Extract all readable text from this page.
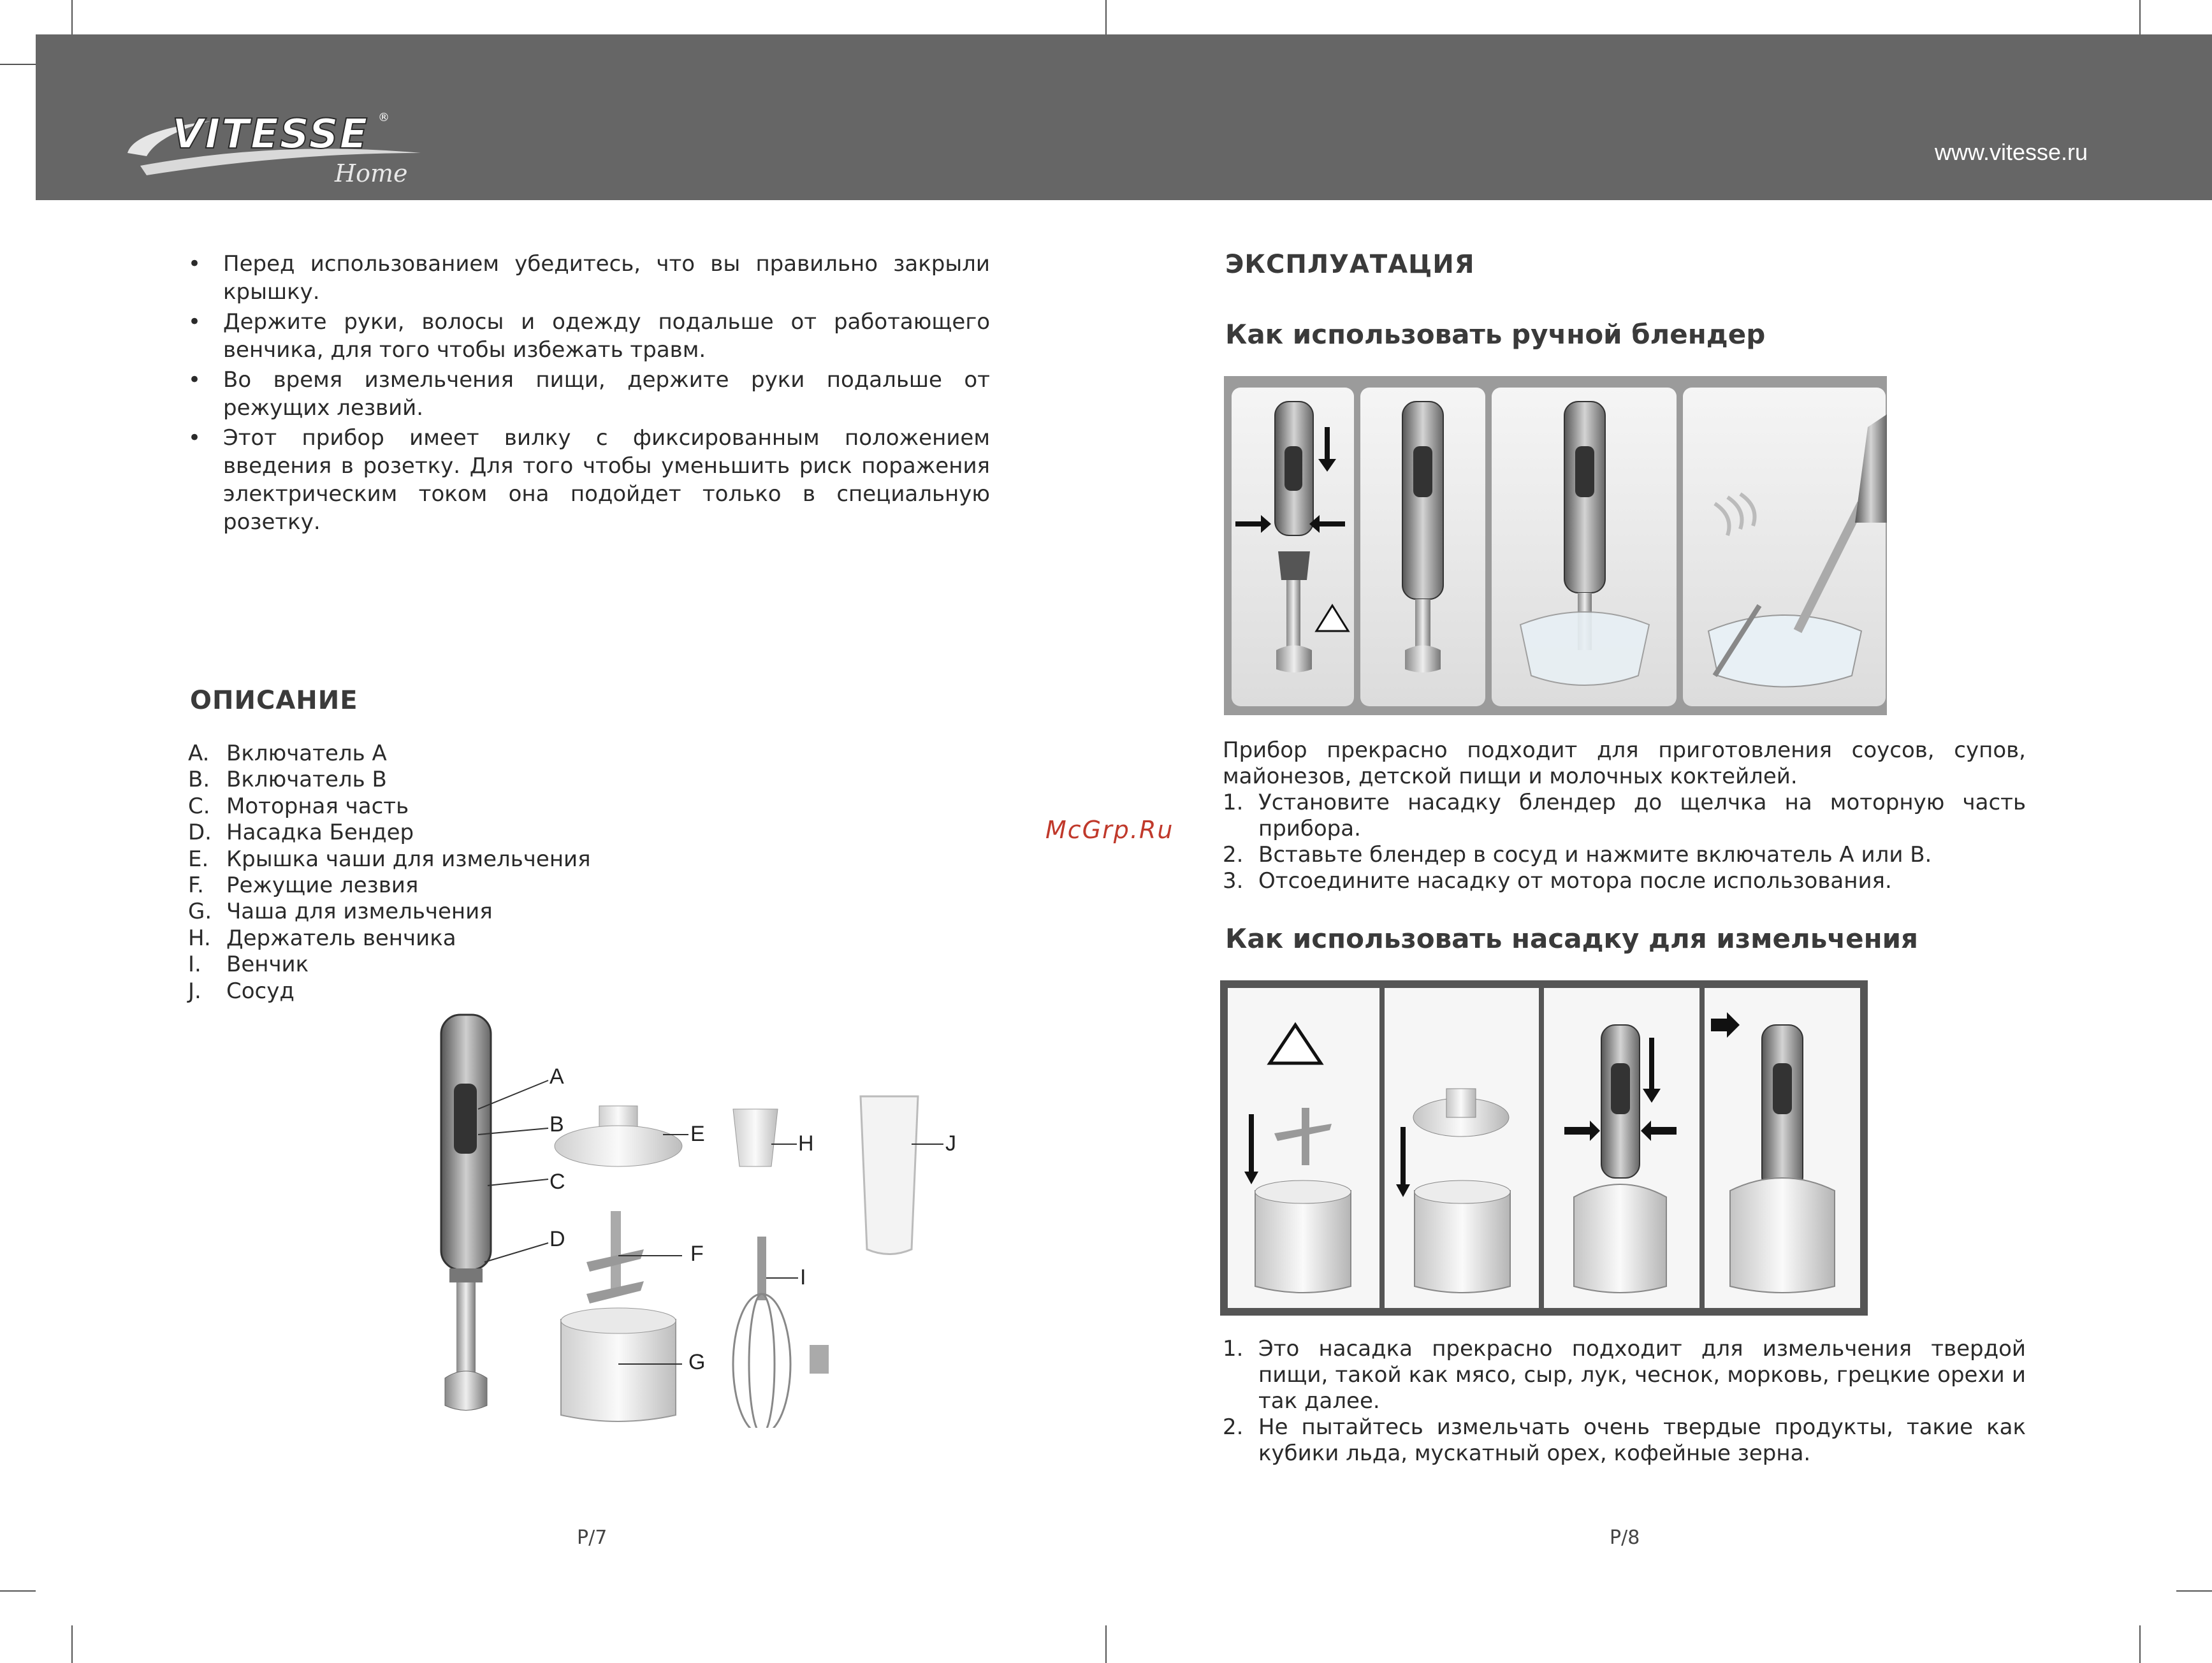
VITESSE ®
Home
www.vitesse.ru
• Перед использованием убедитесь, что вы правильно закрыли крышку.
• Держите руки, волосы и одежду подальше от работающего венчика, для того чтобы избежать травм.
• Во время измельчения пищи, держите руки подальше от режущих лезвий.
• Этот прибор имеет вилку с фиксированным положением введения в розетку. Для того чтобы уменьшить риск поражения электрическим током она подойдет только в специальную розетку.
ОПИСАНИЕ
A. Включатель A
B. Включатель B
C. Моторная часть
D. Насадка Бендер
E. Крышка чаши для измельчения
F. Режущие лезвия
G. Чаша для измельчения
H. Держатель венчика
I. Венчик
J. Сосуд
A
B
C
D
E
F
G
H
I
J
McGrp.Ru
P/7
ЭКСПЛУАТАЦИЯ
Как использовать ручной блендер
Прибор прекрасно подходит для приготовления соусов, супов, майонезов, детской пищи и молочных коктейлей.
1. Установите насадку блендер до щелчка на моторную часть прибора.
2. Вставьте блендер в сосуд и нажмите включатель A или B.
3. Отсоедините насадку от мотора после использования.
Как использовать насадку для измельчения
1. Это насадка прекрасно подходит для измельчения твердой пищи, такой как мясо, сыр, лук, чеснок, морковь, грецкие орехи и так далее.
2. Не пытайтесь измельчать очень твердые продукты, такие как кубики льда, мускатный орех, кофейные зерна.
P/8
